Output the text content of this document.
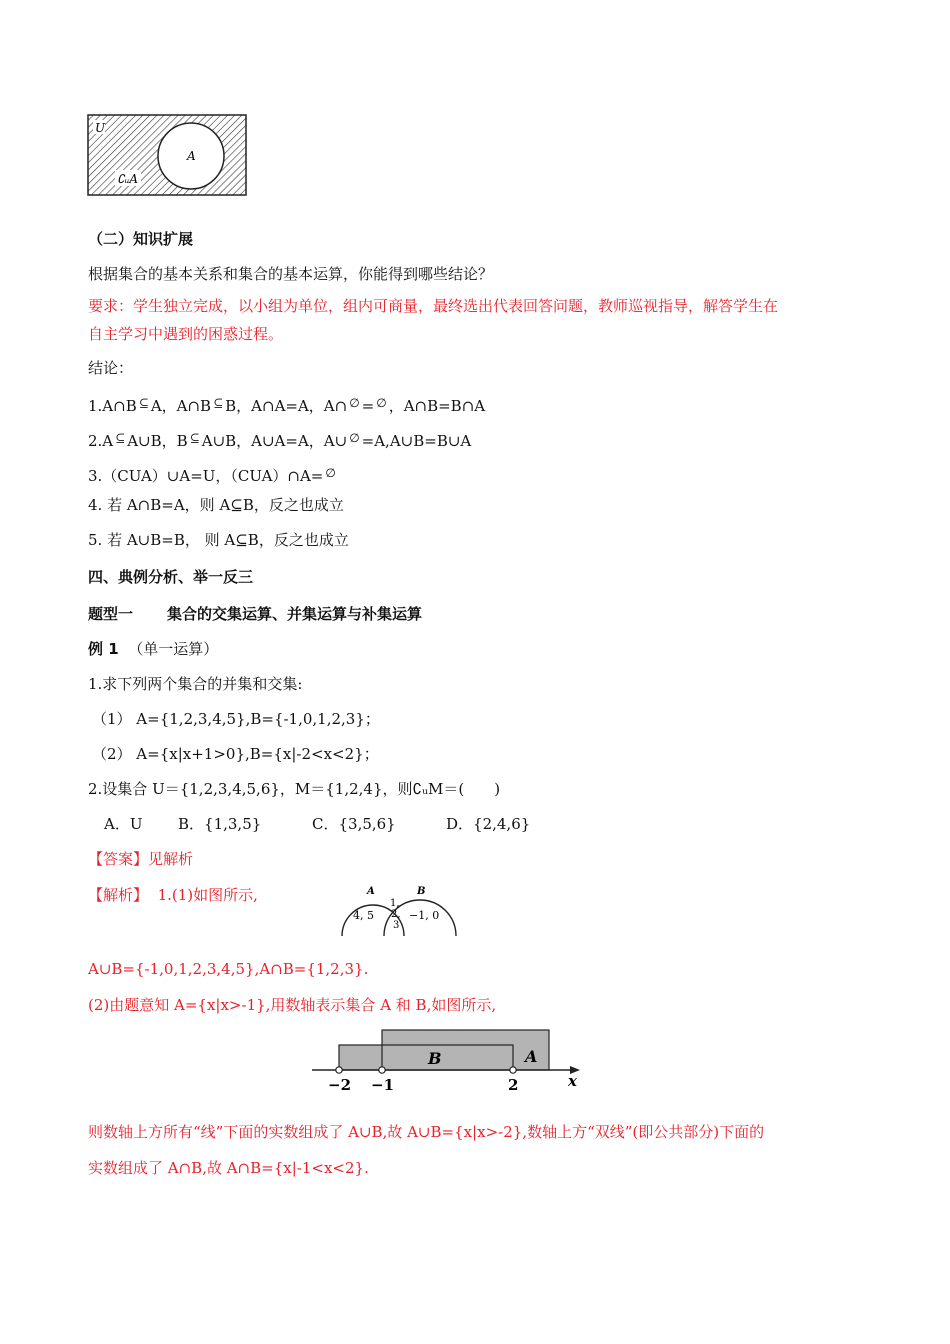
U
A
∁ᵤA
（二）知识扩展
根据集合的基本关系和集合的基本运算，你能得到哪些结论？
要求：学生独立完成，以小组为单位，组内可商量，最终选出代表回答问题，教师巡视指导，解答学生在
自主学习中遇到的困惑过程。
结论：
1.A∩B ⊆ A，A∩B ⊆ B，A∩A=A，A∩ ∅ = ∅ ，A∩B=B∩A
2.A ⊆ A∪B，B ⊆ A∪B，A∪A=A，A∪ ∅ =A,A∪B=B∪A
3.（CUA）∪A=U，（CUA）∩A= ∅
4. 若 A∩B=A，则 A⊆B，反之也成立
5. 若 A∪B=B， 则 A⊆B，反之也成立
四、典例分析、举一反三
题型一 集合的交集运算、并集运算与补集运算
例 1 （单一运算）
1.求下列两个集合的并集和交集:
（1） A={1,2,3,4,5},B={-1,0,1,2,3}；
（2） A={x|x+1>0},B={x|-2<x<2}；
2.设集合 U＝{1,2,3,4,5,6}，M＝{1,2,4}，则∁ᵤM＝(　　)
A．U B．{1,3,5}	C．{3,5,6}	D．{2,4,6}
【答案】见解析
【解析】 1.(1)如图所示,	A	B
4, 5
1,
2,
3
−1, 0
A∪B={-1,0,1,2,3,4,5},A∩B={1,2,3}.
(2)由题意知 A={x|x>-1},用数轴表示集合 A 和 B,如图所示,
B	A
−2 −1	2	x
则数轴上方所有“线”下面的实数组成了 A∪B,故 A∪B={x|x>-2},数轴上方“双线”(即公共部分)下面的
实数组成了 A∩B,故 A∩B={x|-1<x<2}.
